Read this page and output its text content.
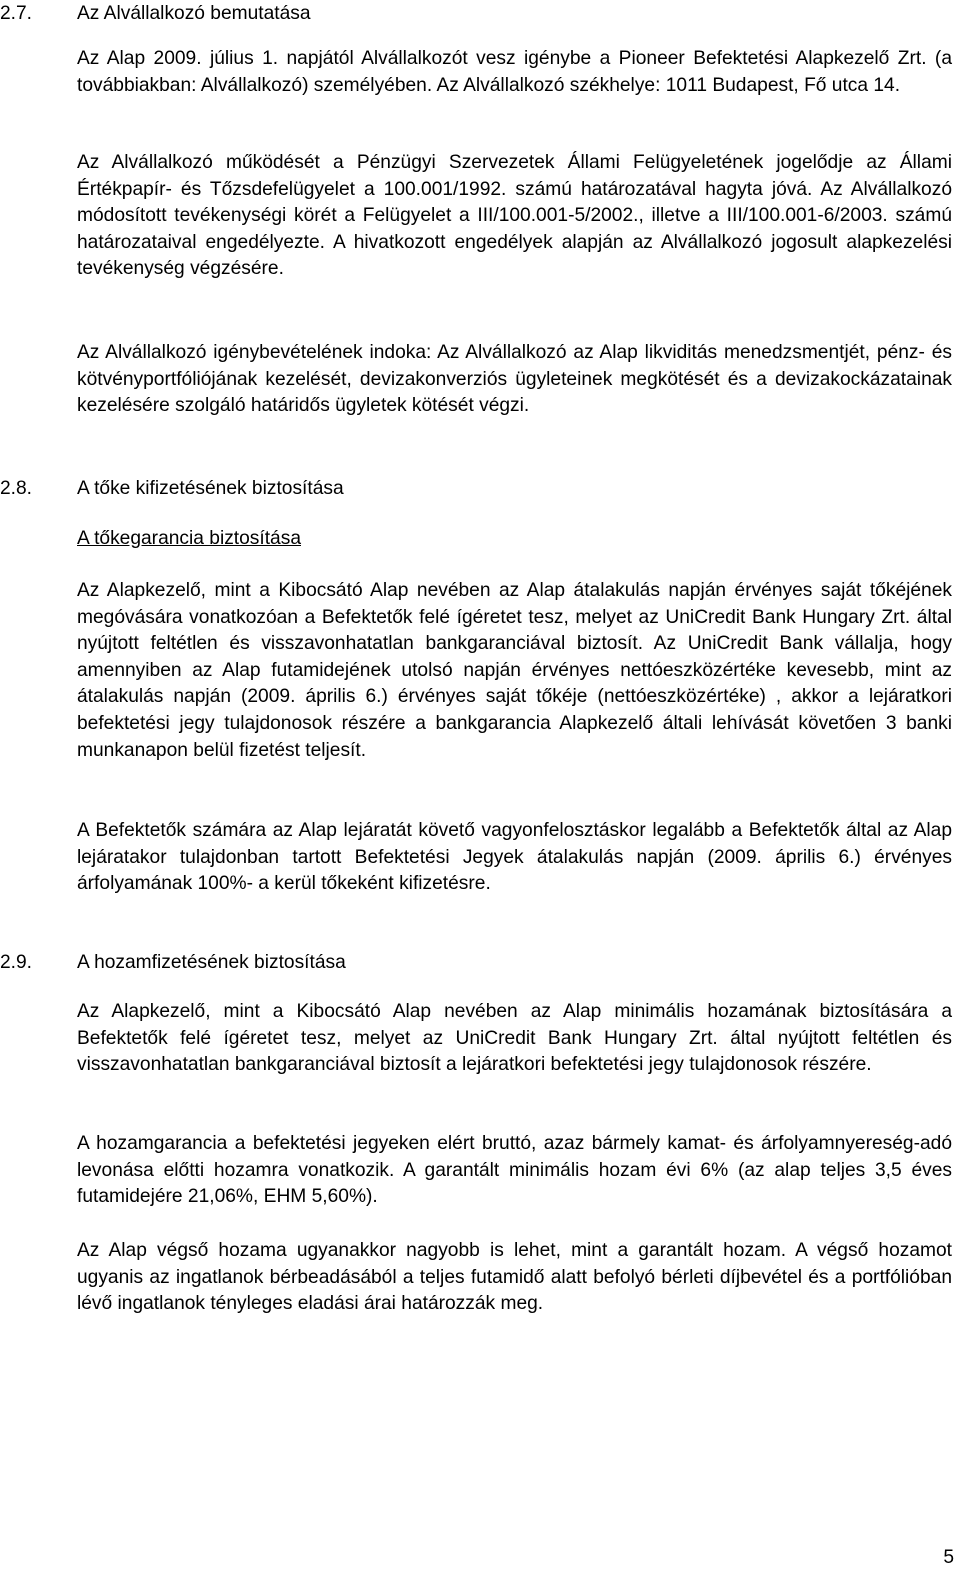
2.7. Az Alvállalkozó bemutatása

Az Alap 2009. július 1. napjától Alvállalkozót vesz igénybe a Pioneer Befektetési Alapkezelő Zrt. (a továbbiakban: Alvállalkozó) személyében. Az Alvállalkozó székhelye: 1011 Budapest, Fő utca 14.

Az Alvállalkozó működését a Pénzügyi Szervezetek Állami Felügyeletének jogelődje az Állami Értékpapír- és Tőzsdefelügyelet a 100.001/1992. számú határozatával hagyta jóvá. Az Alvállalkozó módosított tevékenységi körét a Felügyelet a III/100.001-5/2002., illetve a III/100.001-6/2003. számú határozataival engedélyezte. A hivatkozott engedélyek alapján az Alvállalkozó jogosult alapkezelési tevékenység végzésére.

Az Alvállalkozó igénybevételének indoka: Az Alvállalkozó az Alap likviditás menedzsmentjét, pénz- és kötvényportfóliójának kezelését, devizakonverziós ügyleteinek megkötését és a devizakockázatainak kezelésére szolgáló határidős ügyletek kötését végzi.

2.8. A tőke kifizetésének biztosítása
A tőkegarancia biztosítása

Az Alapkezelő, mint a Kibocsátó Alap nevében az Alap átalakulás napján érvényes saját tőkéjének megóvására vonatkozóan a Befektetők felé ígéretet tesz, melyet az UniCredit Bank Hungary Zrt. által nyújtott feltétlen és visszavonhatatlan bankgaranciával biztosít. Az UniCredit Bank vállalja, hogy amennyiben az Alap futamidejének utolsó napján érvényes nettóeszközértéke kevesebb, mint az átalakulás napján (2009. április 6.) érvényes saját tőkéje (nettóeszközértéke) , akkor a lejáratkori befektetési jegy tulajdonosok részére a bankgarancia Alapkezelő általi lehívását követően 3 banki munkanapon belül fizetést teljesít.

A Befektetők számára az Alap lejáratát követő vagyonfelosztáskor legalább a Befektetők által az Alap lejáratakor tulajdonban tartott Befektetési Jegyek átalakulás napján (2009. április 6.) érvényes árfolyamának 100%- a kerül tőkeként kifizetésre.

2.9. A hozamfizetésének biztosítása

Az Alapkezelő, mint a Kibocsátó Alap nevében az Alap minimális hozamának biztosítására a Befektetők felé ígéretet tesz, melyet az UniCredit Bank Hungary Zrt. által nyújtott feltétlen és visszavonhatatlan bankgaranciával biztosít a lejáratkori befektetési jegy tulajdonosok részére.

A hozamgarancia a befektetési jegyeken elért bruttó, azaz bármely kamat- és árfolyamnyereség-adó levonása előtti hozamra vonatkozik. A garantált minimális hozam évi 6% (az alap teljes 3,5 éves futamidejére 21,06%, EHM 5,60%).

Az Alap végső hozama ugyanakkor nagyobb is lehet, mint a garantált hozam. A végső hozamot ugyanis az ingatlanok bérbeadásából a teljes futamidő alatt befolyó bérleti díjbevétel és a portfólióban lévő ingatlanok tényleges eladási árai határozzák meg.

5
